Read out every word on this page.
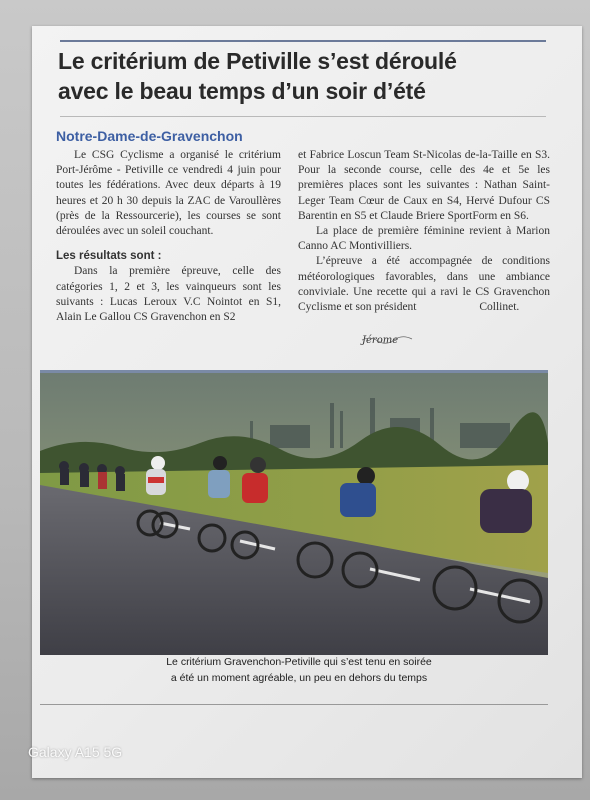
Le critérium de Petiville s’est déroulé
avec le beau temps d’un soir d’été

Notre-Dame-de-Gravenchon

Le CSG Cyclisme a organisé le critérium Port-Jérôme - Petiville ce vendredi 4 juin pour toutes les fédérations. Avec deux départs à 19 heures et 20 h 30 depuis la ZAC de Varoullères (près de la Ressourcerie), les courses se sont déroulées avec un soleil couchant.

Les résultats sont :

Dans la première épreuve, celle des catégories 1, 2 et 3, les vainqueurs sont les suivants : Lucas Leroux V.C Nointot en S1, Alain Le Gallou CS Gravenchon en S2

et Fabrice Loscun Team St-Nicolas de-la-Taille en S3. Pour la seconde course, celle des 4e et 5e les premières places sont les suivantes : Nathan Saint-Leger Team Cœur de Caux en S4, Hervé Dufour CS Barentin en S5 et Claude Briere SportForm en S6.

La place de première féminine revient à Marion Canno AC Montivilliers.

L’épreuve a été accompagnée de conditions météorologiques favorables, dans une ambiance conviviale. Une recette qui a ravi le CS Gravenchon Cyclisme et son président	Collinet.

Jérome

Le critérium Gravenchon-Petiville qui s’est tenu en soirée
a été un moment agréable, un peu en dehors du temps

Galaxy A15 5G
